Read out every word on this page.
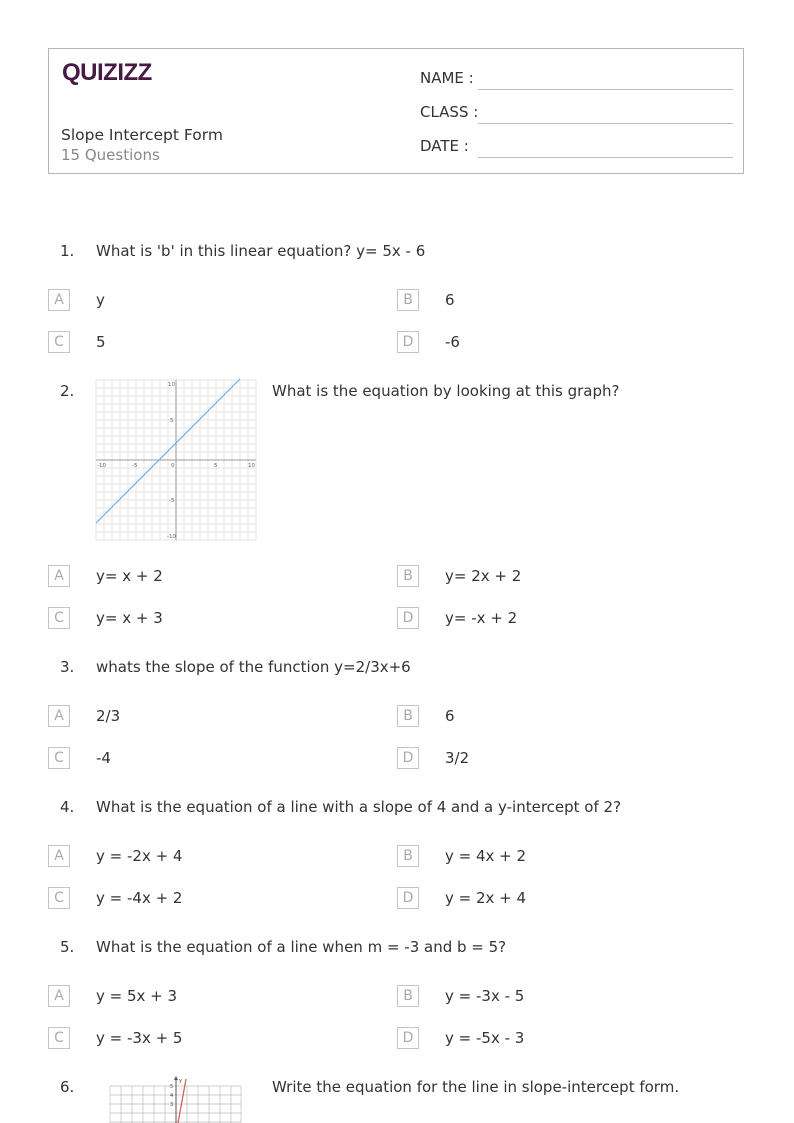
QUIZIZZ
Slope Intercept Form
15 Questions
NAME :
CLASS :
DATE :
1. What is 'b' in this linear equation? y= 5x - 6
A	y	B	6
C	5	D	-6
2.
-10	-5	0	5	10
10
5
-5
-10
What is the equation by looking at this graph?
A	y= x + 2	B	y= 2x + 2
C	y= x + 3	D	y= -x + 2
3. whats the slope of the function y=2/3x+6
A	2/3	B	6
C	-4	D	3/2
4. What is the equation of a line with a slope of 4 and a y-intercept of 2?
A	y = -2x + 4	B	y = 4x + 2
C	y = -4x + 2	D	y = 2x + 4
5. What is the equation of a line when m = -3 and b = 5?
A	y = 5x + 3	B	y = -3x - 5
C	y = -3x + 5	D	y = -5x - 3
6.	y
5
4
3
Write the equation for the line in slope-intercept form.
